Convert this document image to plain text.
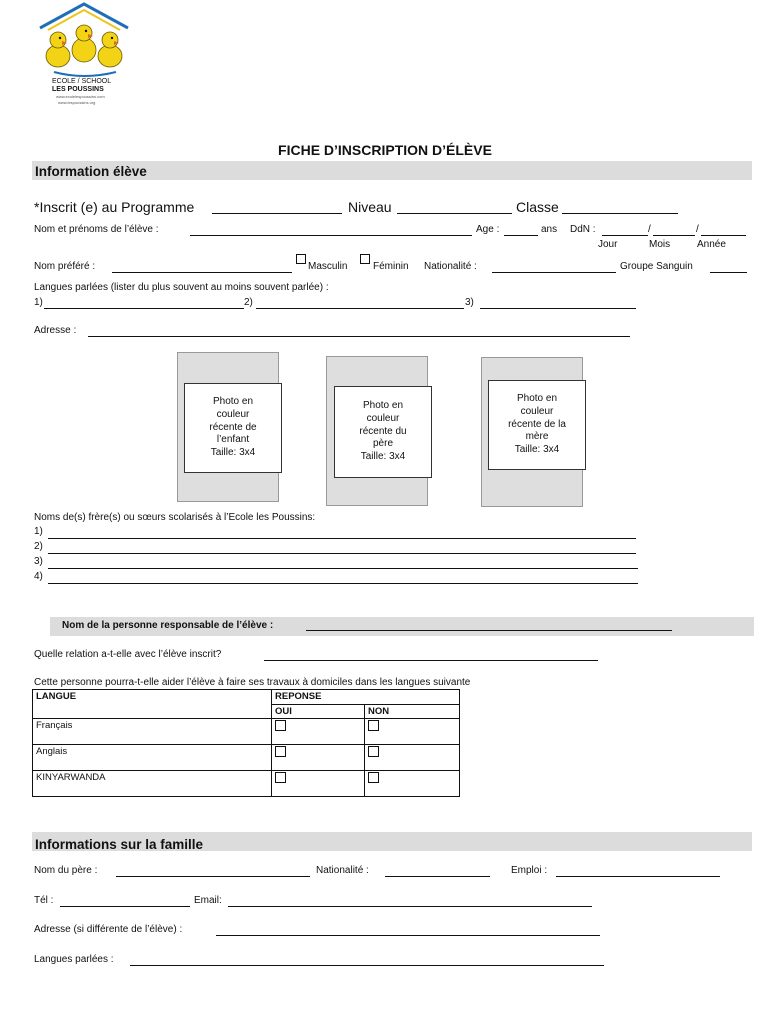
ECOLE / SCHOOL
LES POUSSINS
www.ecolelespoussins.com
www.lespoussins.org
FICHE D’INSCRIPTION D’ÉLÈVE
Information élève
*Inscrit (e) au Programme	Niveau	Classe
Nom et prénoms de l’élève :	Age :	ans DdN :	/	/
Jour	Mois	Année
Nom préféré :	Masculin	Féminin Nationalité :	Groupe Sanguin
Langues parlées (lister du plus souvent au moins souvent parlée) :
1)	2)	3)
Adresse :
Photo en
couleur
récente de
l’enfant
Taille: 3x4
Photo en
couleur
récente du
père
Taille: 3x4
Photo en
couleur
récente de la
mère
Taille: 3x4
Noms de(s) frère(s) ou sœurs scolarisés à l’Ecole les Poussins:
1)
2)
3)
4)
Nom de la personne responsable de l’élève :
Quelle relation a-t-elle avec l’élève inscrit?
Cette personne pourra-t-elle aider l’élève à faire ses travaux à domiciles dans les langues suivante
LANGUE	REPONSE	
	OUI	NON
Français	

Anglais	

KINYARWANDA	

Informations sur la famille
Nom du père :	Nationalité :	Emploi :
Tél :	Email:
Adresse (si différente de l’élève) :
Langues parlées :
